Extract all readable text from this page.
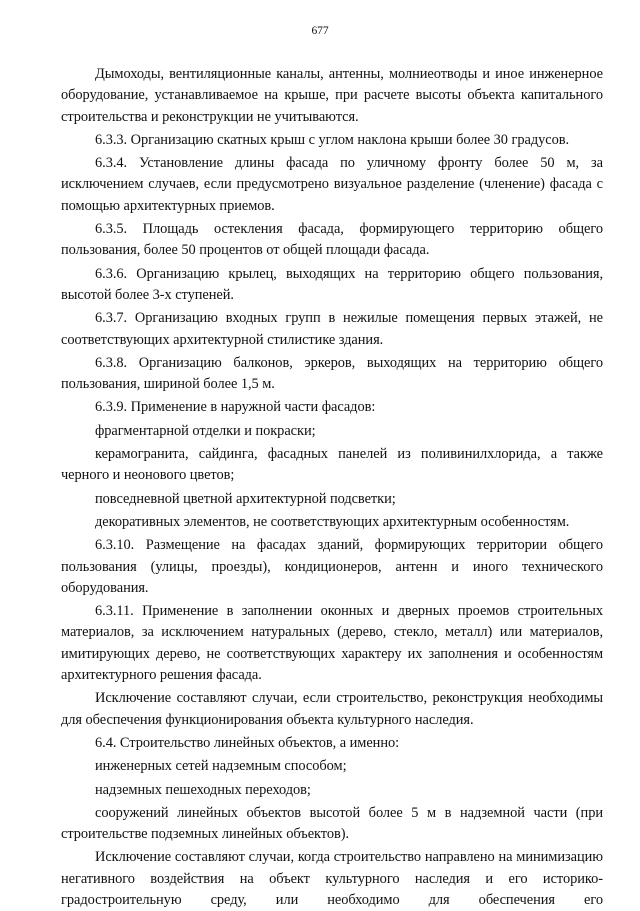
677

Дымоходы, вентиляционные каналы, антенны, молниеотводы и иное инженерное оборудование, устанавливаемое на крыше, при расчете высоты объекта капитального строительства и реконструкции не учитываются.

6.3.3. Организацию скатных крыш с углом наклона крыши более 30 градусов.

6.3.4. Установление длины фасада по уличному фронту более 50 м, за исключением случаев, если предусмотрено визуальное разделение (членение) фасада с помощью архитектурных приемов.

6.3.5. Площадь остекления фасада, формирующего территорию общего пользования, более 50 процентов от общей площади фасада.

6.3.6. Организацию крылец, выходящих на территорию общего пользования, высотой более 3-х ступеней.

6.3.7. Организацию входных групп в нежилые помещения первых этажей, не соответствующих архитектурной стилистике здания.

6.3.8. Организацию балконов, эркеров, выходящих на территорию общего пользования, шириной более 1,5 м.

6.3.9. Применение в наружной части фасадов:

фрагментарной отделки и покраски;

керамогранита, сайдинга, фасадных панелей из поливинилхлорида, а также черного и неонового цветов;

повседневной цветной архитектурной подсветки;

декоративных элементов, не соответствующих архитектурным особенностям.

6.3.10. Размещение на фасадах зданий, формирующих территории общего пользования (улицы, проезды), кондиционеров, антенн и иного технического оборудования.

6.3.11. Применение в заполнении оконных и дверных проемов строительных материалов, за исключением натуральных (дерево, стекло, металл) или материалов, имитирующих дерево, не соответствующих характеру их заполнения и особенностям архитектурного решения фасада.

Исключение составляют случаи, если строительство, реконструкция необходимы для обеспечения функционирования объекта культурного наследия.

6.4. Строительство линейных объектов, а именно:

инженерных сетей надземным способом;

надземных пешеходных переходов;

сооружений линейных объектов высотой более 5 м в надземной части (при строительстве подземных линейных объектов).

Исключение составляют случаи, когда строительство направлено на минимизацию негативного воздействия на объект культурного наследия и его историко-градостроительную среду, или необходимо для обеспечения его
